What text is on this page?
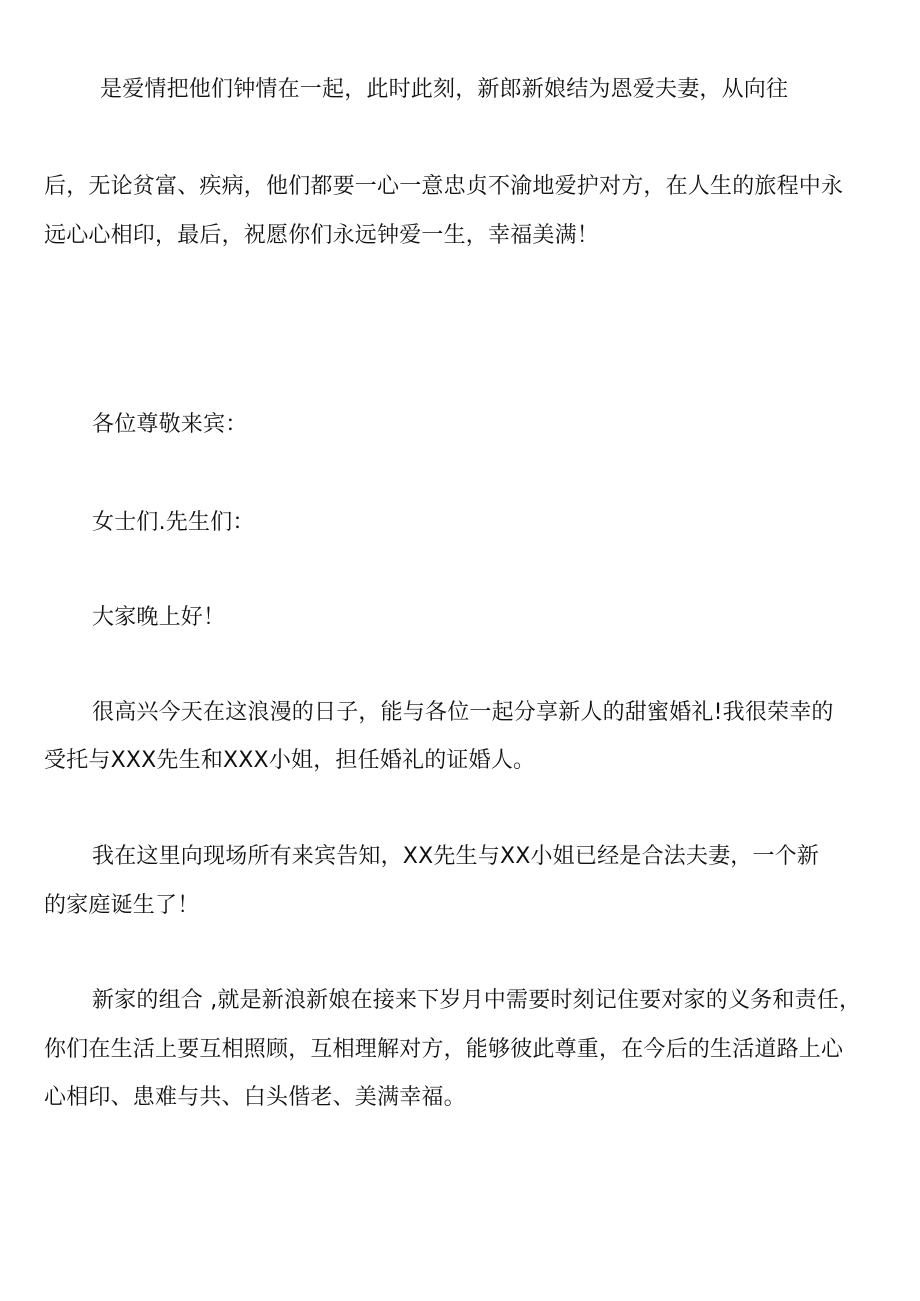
是爱情把他们钟情在一起，此时此刻，新郎新娘结为恩爱夫妻，从向往
后，无论贫富、疾病，他们都要一心一意忠贞不渝地爱护对方，在人生的旅程中永
远心心相印，最后，祝愿你们永远钟爱一生，幸福美满！
各位尊敬来宾：
女士们.先生们：
大家晚上好！
很高兴今天在这浪漫的日子，能与各位一起分享新人的甜蜜婚礼!我很荣幸的
受托与XXX先生和XXX小姐，担任婚礼的证婚人。
我在这里向现场所有来宾告知，XX先生与XX小姐已经是合法夫妻，一个新
的家庭诞生了！
新家的组合 ,就是新浪新娘在接来下岁月中需要时刻记住要对家的义务和责任，
你们在生活上要互相照顾，互相理解对方，能够彼此尊重，在今后的生活道路上心
心相印、患难与共、白头偕老、美满幸福。
